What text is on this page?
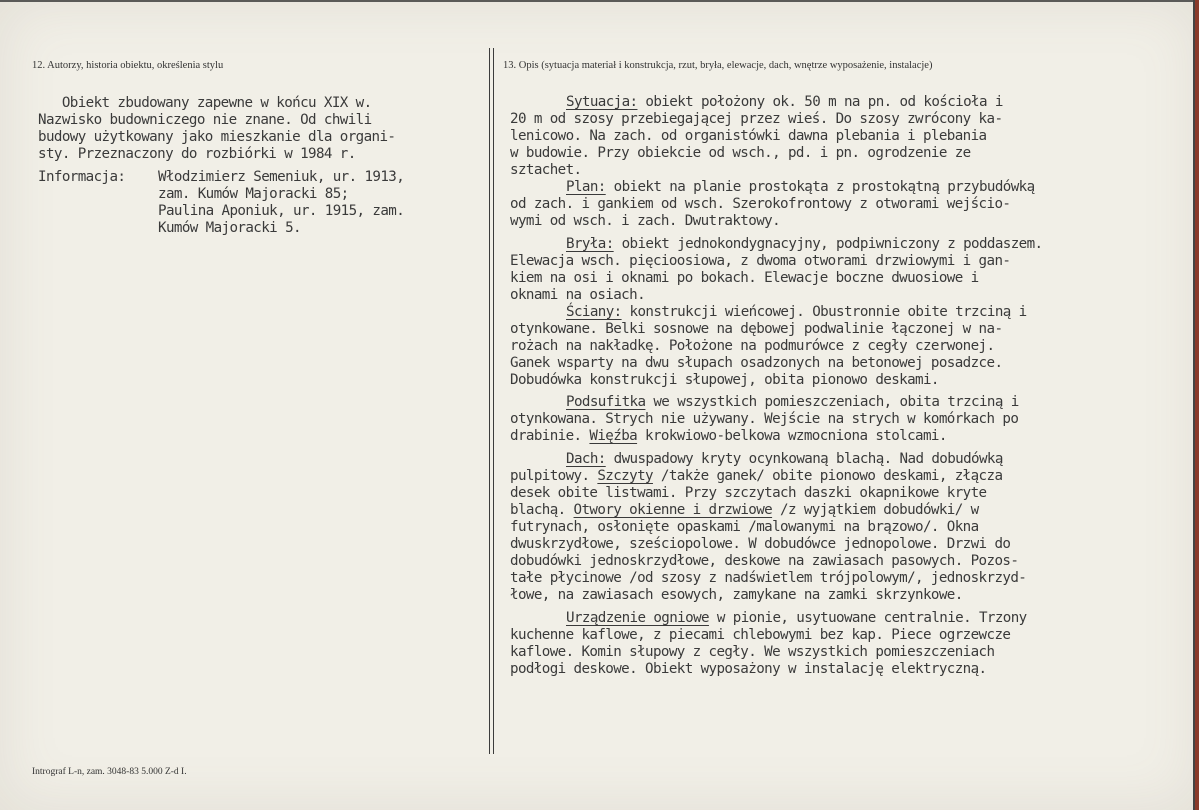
12. Autorzy, historia obiektu, określenia stylu	13. Opis (sytuacja materiał i konstrukcja, rzut, bryła, elewacje, dach, wnętrze wyposażenie, instalacje)
Obiekt zbudowany zapewne w końcu XIX w.
Nazwisko budowniczego nie znane. Od chwili
budowy użytkowany jako mieszkanie dla organi-
sty. Przeznaczony do rozbiórki w 1984 r.
Informacja: Włodzimierz Semeniuk, ur. 1913,
zam. Kumów Majoracki 85;
Paulina Aponiuk, ur. 1915, zam.
Kumów Majoracki 5.
Sytuacja: obiekt położony ok. 50 m na pn. od kościoła i
20 m od szosy przebiegającej przez wieś. Do szosy zwrócony ka-
lenicowo. Na zach. od organistówki dawna plebania i plebania
w budowie. Przy obiekcie od wsch., pd. i pn. ogrodzenie ze
sztachet.
Plan: obiekt na planie prostokąta z prostokątną przybudówką
od zach. i gankiem od wsch. Szerokofrontowy z otworami wejścio-
wymi od wsch. i zach. Dwutraktowy.
Bryła: obiekt jednokondygnacyjny, podpiwniczony z poddaszem.
Elewacja wsch. pięcioosiowa, z dwoma otworami drzwiowymi i gan-
kiem na osi i oknami po bokach. Elewacje boczne dwuosiowe i
oknami na osiach.
Ściany: konstrukcji wieńcowej. Obustronnie obite trzciną i
otynkowane. Belki sosnowe na dębowej podwalinie łączonej w na-
rożach na nakładkę. Położone na podmurówce z cegły czerwonej.
Ganek wsparty na dwu słupach osadzonych na betonowej posadzce.
Dobudówka konstrukcji słupowej, obita pionowo deskami.
Podsufitka we wszystkich pomieszczeniach, obita trzciną i
otynkowana. Strych nie używany. Wejście na strych w komórkach po
drabinie. Więźba krokwiowo-belkowa wzmocniona stolcami.
Dach: dwuspadowy kryty ocynkowaną blachą. Nad dobudówką
pulpitowy. Szczyty /także ganek/ obite pionowo deskami, złącza
desek obite listwami. Przy szczytach daszki okapnikowe kryte
blachą. Otwory okienne i drzwiowe /z wyjątkiem dobudówki/ w
futrynach, osłonięte opaskami /malowanymi na brązowo/. Okna
dwuskrzydłowe, sześciopolowe. W dobudówce jednopolowe. Drzwi do
dobudówki jednoskrzydłowe, deskowe na zawiasach pasowych. Pozos-
tałe płycinowe /od szosy z nadświetlem trójpolowym/, jednoskrzyd-
łowe, na zawiasach esowych, zamykane na zamki skrzynkowe.
Urządzenie ogniowe w pionie, usytuowane centralnie. Trzony
kuchenne kaflowe, z piecami chlebowymi bez kap. Piece ogrzewcze
kaflowe. Komin słupowy z cegły. We wszystkich pomieszczeniach
podłogi deskowe. Obiekt wyposażony w instalację elektryczną.
Intrograf L-n, zam. 3048-83 5.000 Z-d I.
